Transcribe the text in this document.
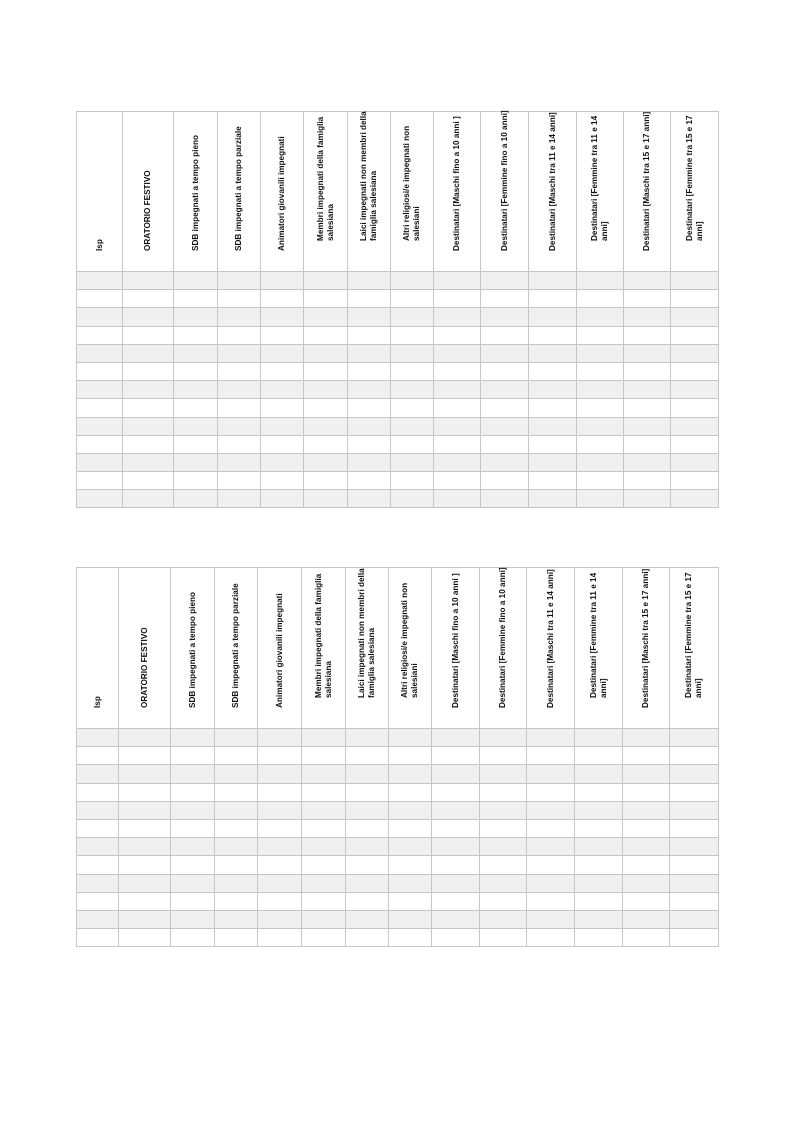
Isp	ORATORIO FESTIVO	SDB impegnati a tempo pieno	SDB impegnati a tempo parziale	Animatori giovanili impegnati	Membri impegnati della famiglia salesiana	Laici impegnati non membri della famiglia salesiana	Altri religiosi/e impegnati non salesiani	Destinatari [Maschi fino a 10 anni ]	Destinatari [Femmine fino a 10 anni]	Destinatari [Maschi tra 11 e 14 anni]	Destinatari [Femmine tra 11 e 14 anni]	Destinatari [Maschi tra 15 e 17 anni]	Destinatari [Femmine tra 15 e 17 anni]

Isp	ORATORIO FESTIVO	SDB impegnati a tempo pieno	SDB impegnati a tempo parziale	Animatori giovanili impegnati	Membri impegnati della famiglia salesiana	Laici impegnati non membri della famiglia salesiana	Altri religiosi/e impegnati non salesiani	Destinatari [Maschi fino a 10 anni ]	Destinatari [Femmine fino a 10 anni]	Destinatari [Maschi tra 11 e 14 anni]	Destinatari [Femmine tra 11 e 14 anni]	Destinatari [Maschi tra 15 e 17 anni]	Destinatari [Femmine tra 15 e 17 anni]
